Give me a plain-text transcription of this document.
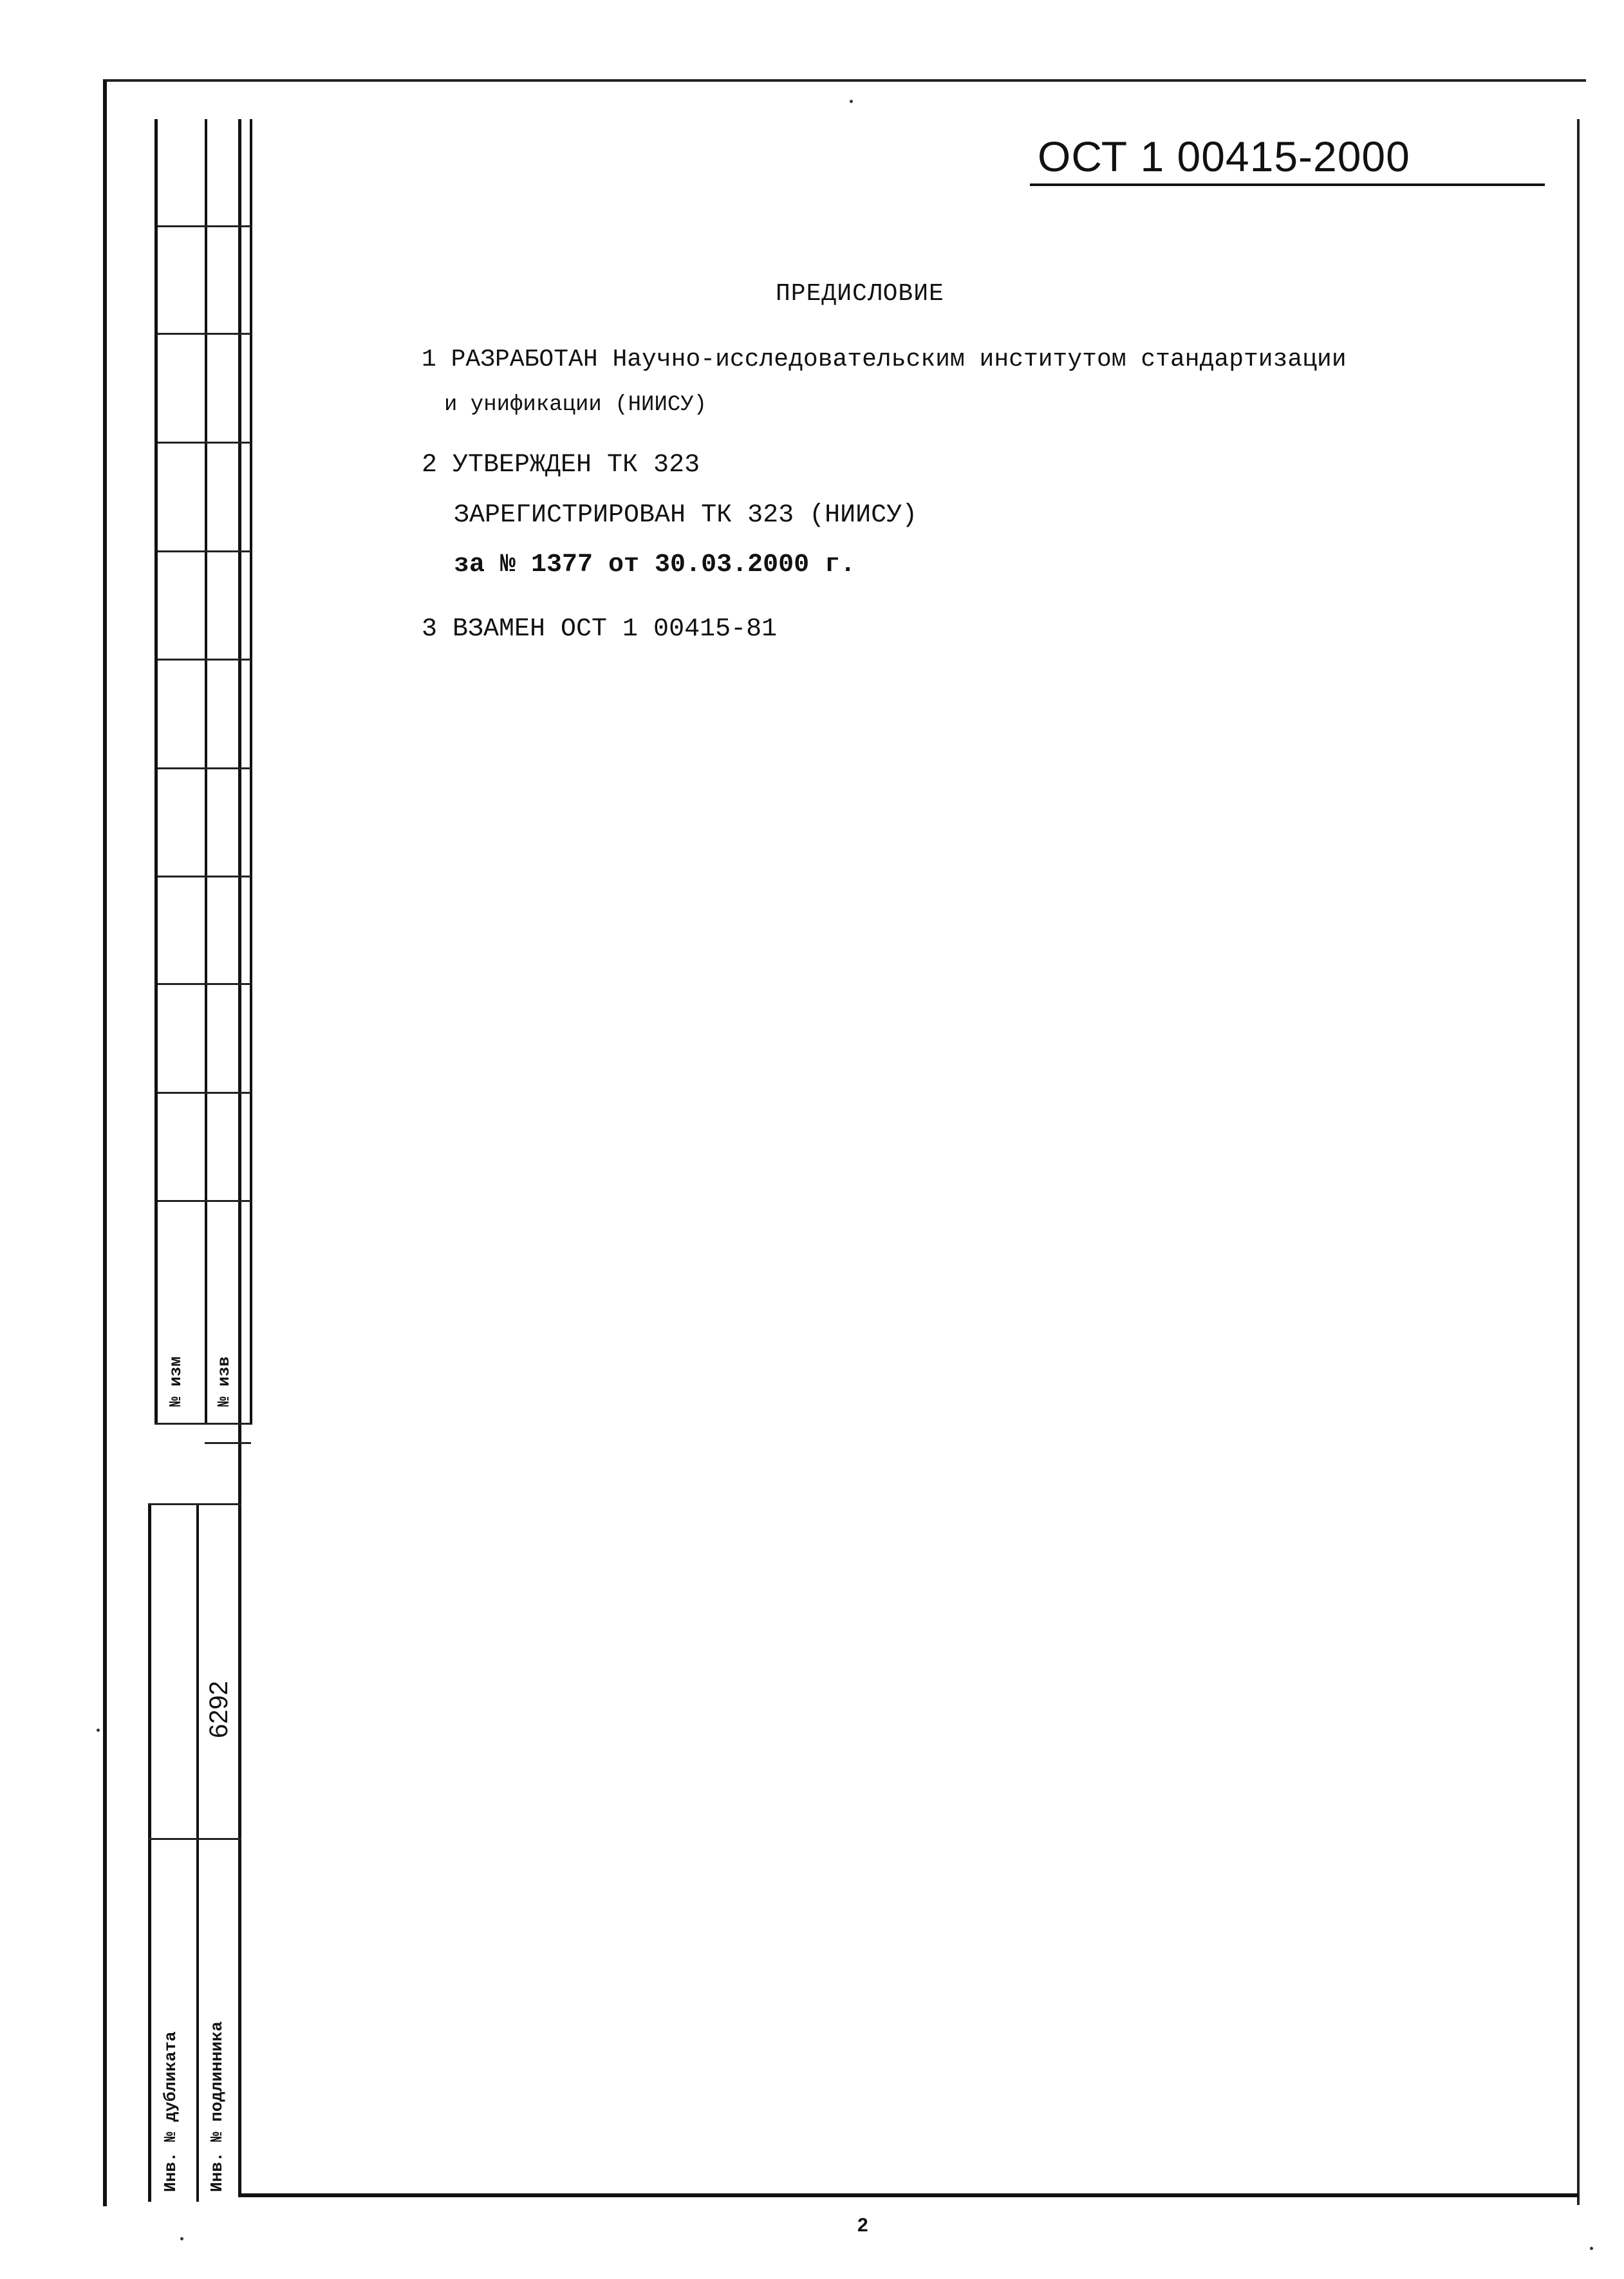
№ изм № изв
Инв. № дубликата Инв. № подлинника
6292
ОСТ 1 00415-2000
ПРЕДИСЛОВИЕ
1 РАЗРАБОТАН Научно-исследовательским институтом стандартизации
и унификации (НИИСУ)
2 УТВЕРЖДЕН ТК 323
ЗАРЕГИСТРИРОВАН ТК 323 (НИИСУ)
за № 1377 от 30.03.2000 г.
3 ВЗАМЕН ОСТ 1 00415-81
2
